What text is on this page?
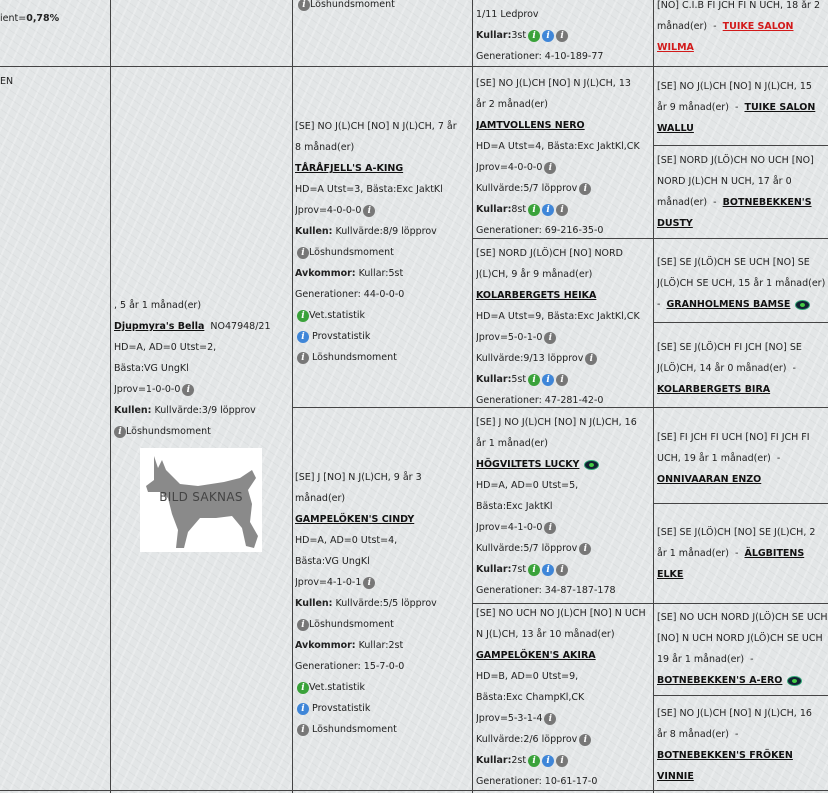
ient=0,78%
EN
, 5 år 1 månad(er)
Djupmyra's Bella NO47948/21
HD=A, AD=0 Utst=2,
Bästa:VG UngKl
Jprov=1-0-0-0 i
Kullen: Kullvärde:3/9 löpprov
i Löshundsmoment
BILD SAKNAS
i Löshundsmoment
[SE] NO J(L)CH [NO] N J(L)CH, 7 år
8 månad(er)
TÅRÅFJELL'S A-KING
HD=A Utst=3, Bästa:Exc JaktKl
Jprov=4-0-0-0 i
Kullen: Kullvärde:8/9 löpprov
i Löshundsmoment
Avkommor: Kullar:5st
Generationer: 44-0-0-0
i Vet.statistik
i Provstatistik
i Löshundsmoment
[SE] J [NO] N J(L)CH, 9 år 3
månad(er)
GAMPELÖKEN'S CINDY
HD=A, AD=0 Utst=4,
Bästa:VG UngKl
Jprov=4-1-0-1 i
Kullen: Kullvärde:5/5 löpprov
i Löshundsmoment
Avkommor: Kullar:2st
Generationer: 15-7-0-0
i Vet.statistik
i Provstatistik
i Löshundsmoment
1/11 Ledprov
Kullar:3st i i i
Generationer: 4-10-189-77
[SE] NO J(L)CH [NO] N J(L)CH, 13
år 2 månad(er)
JAMTVOLLENS NERO
HD=A Utst=4, Bästa:Exc JaktKl,CK
Jprov=4-0-0-0 i
Kullvärde:5/7 löpprov i
Kullar:8st i i i
Generationer: 69-216-35-0
[SE] NORD J(LÖ)CH [NO] NORD
J(L)CH, 9 år 9 månad(er)
KOLARBERGETS HEIKA
HD=A Utst=9, Bästa:Exc JaktKl,CK
Jprov=5-0-1-0 i
Kullvärde:9/13 löpprov i
Kullar:5st i i i
Generationer: 47-281-42-0
[SE] J NO J(L)CH [NO] N J(L)CH, 16
år 1 månad(er)
HÖGVILTETS LUCKY
HD=A, AD=0 Utst=5,
Bästa:Exc JaktKl
Jprov=4-1-0-0 i
Kullvärde:5/7 löpprov i
Kullar:7st i i i
Generationer: 34-87-187-178
[SE] NO UCH NO J(L)CH [NO] N UCH
N J(L)CH, 13 år 10 månad(er)
GAMPELÖKEN'S AKIRA
HD=B, AD=0 Utst=9,
Bästa:Exc ChampKl,CK
Jprov=5-3-1-4 i
Kullvärde:2/6 löpprov i
Kullar:2st i i i
Generationer: 10-61-17-0
[NO] C.I.B FI JCH FI N UCH, 18 år 2
månad(er) - TUIKE SALON
WILMA
[SE] NO J(L)CH [NO] N J(L)CH, 15
år 9 månad(er) - TUIKE SALON
WALLU
[SE] NORD J(LÖ)CH NO UCH [NO]
NORD J(L)CH N UCH, 17 år 0
månad(er) - BOTNEBEKKEN'S
DUSTY
[SE] SE J(LÖ)CH SE UCH [NO] SE
J(LÖ)CH SE UCH, 15 år 1 månad(er)
- GRANHOLMENS BAMSE
[SE] SE J(LÖ)CH FI JCH [NO] SE
J(LÖ)CH, 14 år 0 månad(er) -
KOLARBERGETS BIRA
[SE] FI JCH FI UCH [NO] FI JCH FI
UCH, 19 år 1 månad(er) -
ONNIVAARAN ENZO
[SE] SE J(LÖ)CH [NO] SE J(L)CH, 2
år 1 månad(er) - ÄLGBITENS
ELKE
[SE] NO UCH NORD J(LÖ)CH SE UCH
[NO] N UCH NORD J(LÖ)CH SE UCH
19 år 1 månad(er) -
BOTNEBEKKEN'S A-ERO
[SE] NO J(L)CH [NO] N J(L)CH, 16
år 8 månad(er) -
BOTNEBEKKEN'S FRÖKEN
VINNIE
